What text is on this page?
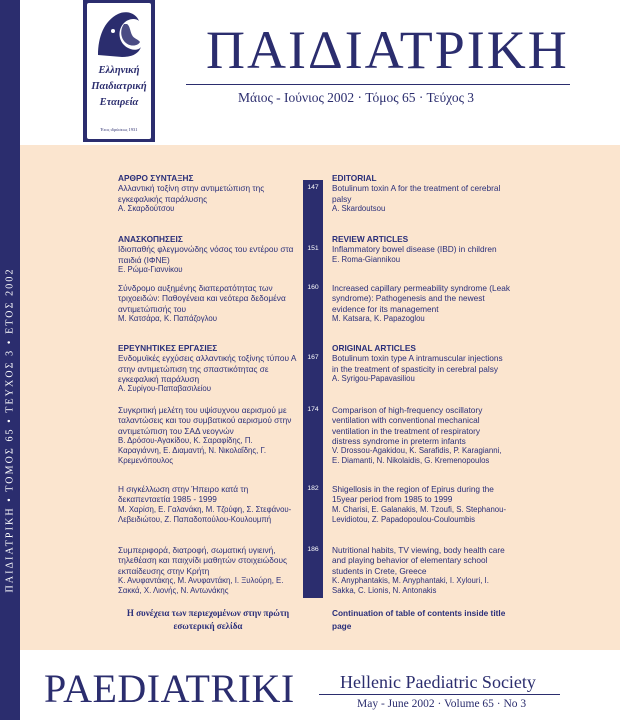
ΠΑΙΔΙΑΤΡΙΚΗ • ΤΟΜΟΣ 65 • ΤΕΥΧΟΣ 3 • ΕΤΟΣ 2002
Ελληνική
Παιδιατρική
Εταιρεία
Έτος ιδρύσεως 1931
ΠΑΙΔΙΑΤΡΙΚΗ
Μάιος - Ιούνιος 2002 · Τόμος 65 · Τεύχος 3
ΑΡΘΡΟ ΣΥΝΤΑΞΗΣ
Αλλαντική τοξίνη στην αντιμετώπιση της εγκεφαλικής παράλυσης
Α. Σκαρδούτσου
147
EDITORIAL
Botulinum toxin A for the treatment of cerebral palsy
A. Skardoutsou
ΑΝΑΣΚΟΠΗΣΕΙΣ
Ιδιοπαθής φλεγμονώδης νόσος του εντέρου στα παιδιά (ΙΦΝΕ)
Ε. Ρώμα-Γιαννίκου
151
REVIEW ARTICLES
Inflammatory bowel disease (IBD) in children
E. Roma-Giannikou
Σύνδρομο αυξημένης διαπερατότητας των τριχοειδών: Παθογένεια και νεότερα δεδομένα αντιμετώπισής του
Μ. Κατσάρα, Κ. Παπάζογλου
160 Increased capillary permeability syndrome (Leak syndrome): Pathogenesis and the newest evidence for its management
M. Katsara, K. Papazoglou
ΕΡΕΥΝΗΤΙΚΕΣ ΕΡΓΑΣΙΕΣ
Ενδομυϊκές εγχύσεις αλλαντικής τοξίνης τύπου Α στην αντιμετώπιση της σπαστικότητας σε εγκεφαλική παράλυση
Α. Συρίγου-Παπαβασιλείου
167
ORIGINAL ARTICLES
Botulinum toxin type A intramuscular injections in the treatment of spasticity in cerebral palsy
A. Syrigou-Papavasiliou
Συγκριτική μελέτη του υψίσυχνου αερισμού με ταλαντώσεις και του συμβατικού αερισμού στην αντιμετώπιση του ΣΑΔ νεογνών
Β. Δρόσου-Αγακίδου, Κ. Σαραφίδης, Π. Καραγιάννη, Ε. Διαμαντή, Ν. Νικολαΐδης, Γ. Κρεμενόπουλος
174 Comparison of high-frequency oscillatory ventilation with conventional mechanical ventilation in the treatment of respiratory distress syndrome in preterm infants
V. Drossou-Agakidou, K. Sarafidis, P. Karagianni, E. Diamanti, N. Nikolaidis, G. Kremenopoulos
Η σιγκέλλωση στην Ήπειρο κατά τη δεκαπενταετία 1985 - 1999
Μ. Χαρίση, Ε. Γαλανάκη, Μ. Τζούφη, Σ. Στεφάνου-Λεβειδιώτου, Ζ. Παπαδοπούλου-Κουλουμπή
182 Shigellosis in the region of Epirus during the 15year period from 1985 to 1999
M. Charisi, E. Galanakis, M. Tzoufi, S. Stephanou-Levidiotou, Z. Papadopoulou-Couloumbis
Συμπεριφορά, διατροφή, σωματική υγιεινή, τηλεθέαση και παιχνίδι μαθητών στοιχειώδους εκπαίδευσης στην Κρήτη
Κ. Ανυφαντάκης, Μ. Ανυφαντάκη, Ι. Ξυλούρη, Ε. Σακκά, Χ. Λιονής, Ν. Αντωνάκης
186 Nutritional habits, TV viewing, body health care and playing behavior of elementary school students in Crete, Greece
K. Anyphantakis, M. Anyphantaki, I. Xylouri, I. Sakka, C. Lionis, N. Antonakis
Η συνέχεια των περιεχομένων στην πρώτη εσωτερική σελίδα
Continuation of table of contents inside title page
PAEDIATRIKI	Hellenic Paediatric Society
May - June 2002 · Volume 65 · No 3
